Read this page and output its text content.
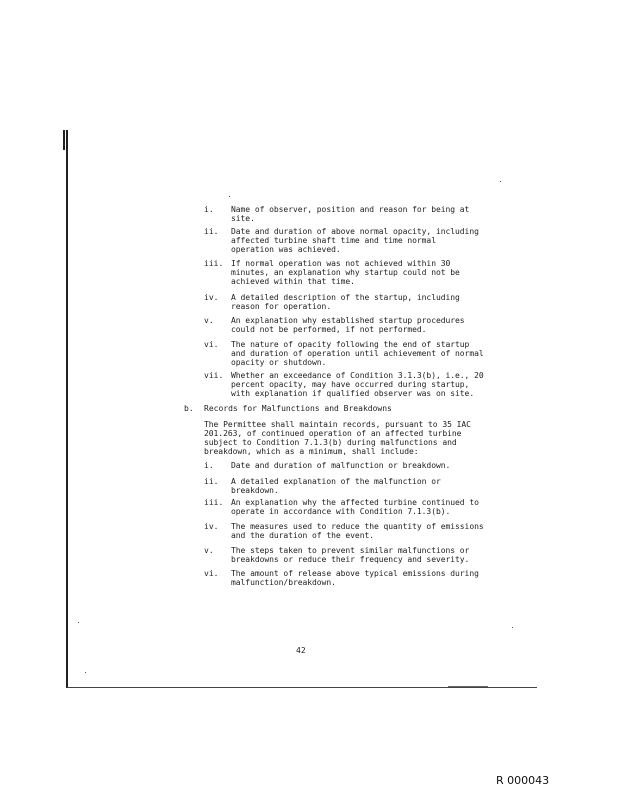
i. Name of observer, position and reason for being at
site.
ii. Date and duration of above normal opacity, including
affected turbine shaft time and time normal
operation was achieved.
iii. If normal operation was not achieved within 30
minutes, an explanation why startup could not be
achieved within that time.
iv. A detailed description of the startup, including
reason for operation.
v. An explanation why established startup procedures
could not be performed, if not performed.
vi. The nature of opacity following the end of startup
and duration of operation until achievement of normal
opacity or shutdown.
vii. Whether an exceedance of Condition 3.1.3(b), i.e., 20
percent opacity, may have occurred during startup,
with explanation if qualified observer was on site.
b. Records for Malfunctions and Breakdowns
The Permittee shall maintain records, pursuant to 35 IAC
201.263, of continued operation of an affected turbine
subject to Condition 7.1.3(b) during malfunctions and
breakdown, which as a minimum, shall include:
i. Date and duration of malfunction or breakdown.
ii. A detailed explanation of the malfunction or
breakdown.
iii. An explanation why the affected turbine continued to
operate in accordance with Condition 7.1.3(b).
iv. The measures used to reduce the quantity of emissions
and the duration of the event.
v. The steps taken to prevent similar malfunctions or
breakdowns or reduce their frequency and severity.
vi. The amount of release above typical emissions during
malfunction/breakdown.
42
R 000043
